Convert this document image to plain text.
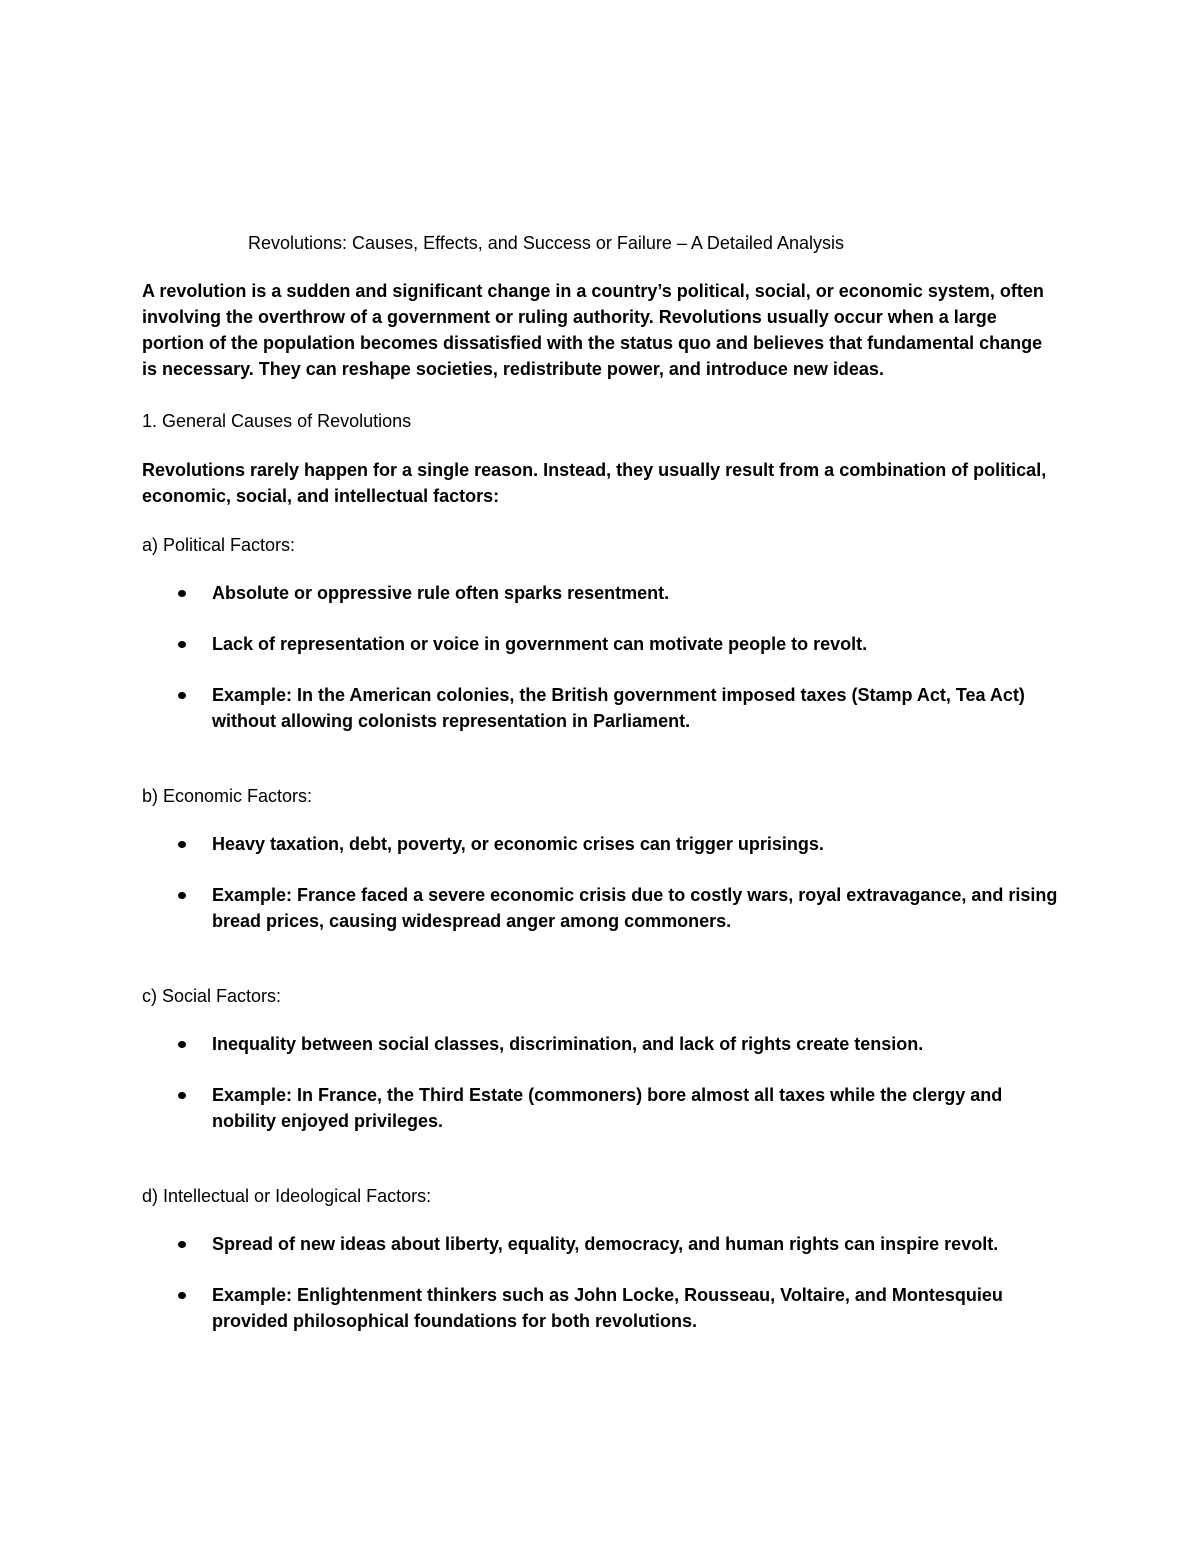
Revolutions: Causes, Effects, and Success or Failure – A Detailed Analysis

A revolution is a sudden and significant change in a country’s political, social, or economic system, often involving the overthrow of a government or ruling authority. Revolutions usually occur when a large portion of the population becomes dissatisfied with the status quo and believes that fundamental change is necessary. They can reshape societies, redistribute power, and introduce new ideas.

1. General Causes of Revolutions

Revolutions rarely happen for a single reason. Instead, they usually result from a combination of political, economic, social, and intellectual factors:

a) Political Factors:

Absolute or oppressive rule often sparks resentment.
Lack of representation or voice in government can motivate people to revolt.
Example: In the American colonies, the British government imposed taxes (Stamp Act, Tea Act) without allowing colonists representation in Parliament.

b) Economic Factors:

Heavy taxation, debt, poverty, or economic crises can trigger uprisings.
Example: France faced a severe economic crisis due to costly wars, royal extravagance, and rising bread prices, causing widespread anger among commoners.

c) Social Factors:

Inequality between social classes, discrimination, and lack of rights create tension.
Example: In France, the Third Estate (commoners) bore almost all taxes while the clergy and nobility enjoyed privileges.

d) Intellectual or Ideological Factors:

Spread of new ideas about liberty, equality, democracy, and human rights can inspire revolt.
Example: Enlightenment thinkers such as John Locke, Rousseau, Voltaire, and Montesquieu provided philosophical foundations for both revolutions.
